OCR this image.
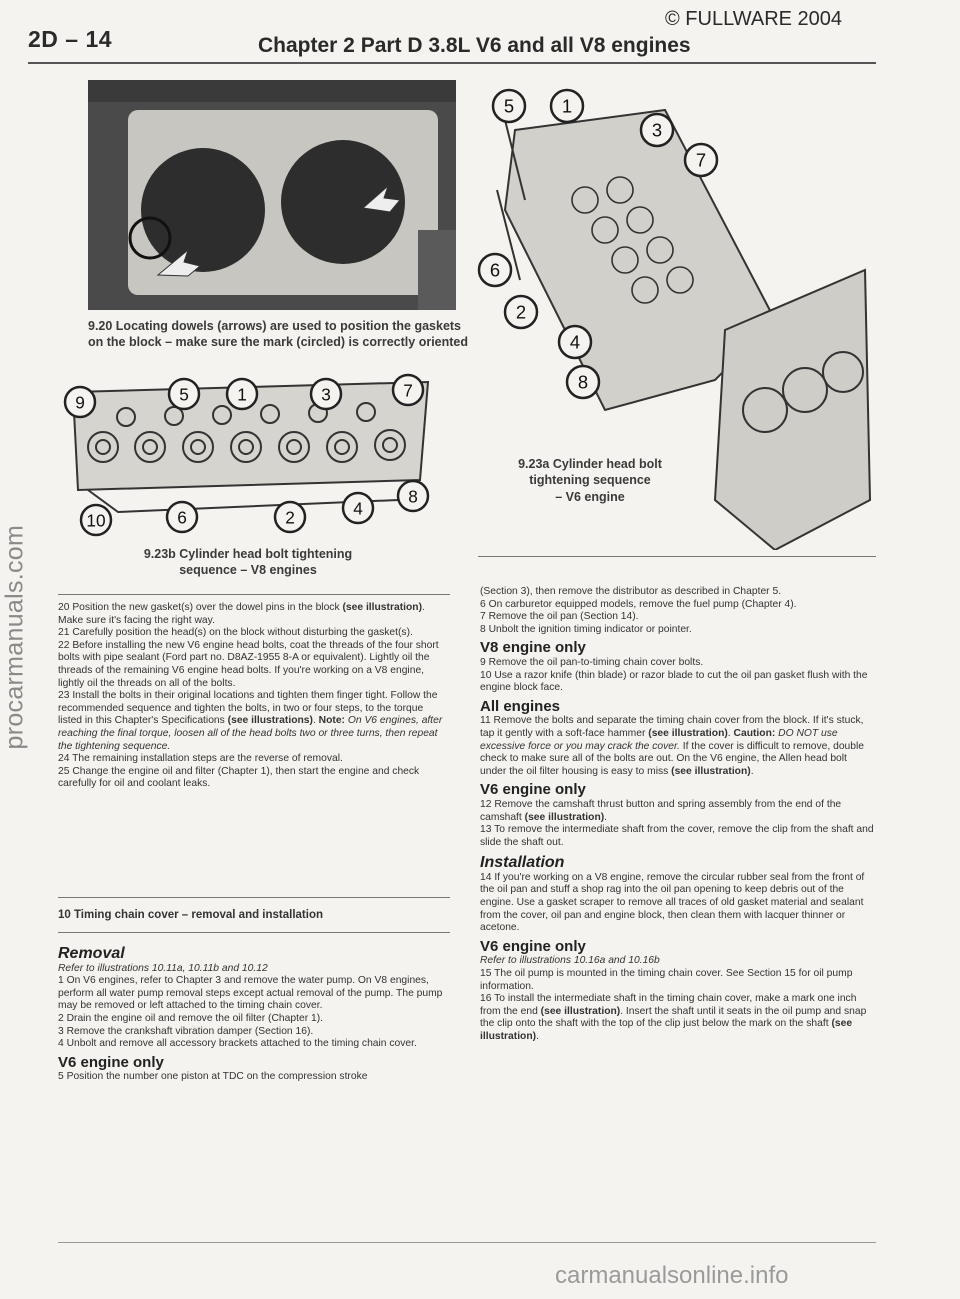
© FULLWARE 2004
2D – 14	Chapter 2 Part D 3.8L V6 and all V8 engines
procarmanuals.com
9.20 Locating dowels (arrows) are used to position the gaskets
on the block – make sure the mark (circled) is correctly oriented
9	5	1	3	7
10	6	2	4
8
9.23b Cylinder head bolt tightening
sequence – V8 engines
5	1
3
7
6
2
4
8
9.23a Cylinder head bolt
tightening sequence
– V6 engine

20 Position the new gasket(s) over the dowel pins in the block (see illustration). Make sure it's facing the right way.

21 Carefully position the head(s) on the block without disturbing the gasket(s).

22 Before installing the new V6 engine head bolts, coat the threads of the four short bolts with pipe sealant (Ford part no. D8AZ-1955 8-A or equivalent). Lightly oil the threads of the remaining V6 engine head bolts. If you're working on a V8 engine, lightly oil the threads on all of the bolts.

23 Install the bolts in their original locations and tighten them finger tight. Follow the recommended sequence and tighten the bolts, in two or four steps, to the torque listed in this Chapter's Specifications (see illustrations). Note: On V6 engines, after reaching the final torque, loosen all of the head bolts two or three turns, then repeat the tightening sequence.

24 The remaining installation steps are the reverse of removal.

25 Change the engine oil and filter (Chapter 1), then start the engine and check carefully for oil and coolant leaks.

10 Timing chain cover – removal and installation
Removal

Refer to illustrations 10.11a, 10.11b and 10.12

1 On V6 engines, refer to Chapter 3 and remove the water pump. On V8 engines, perform all water pump removal steps except actual removal of the pump. The pump may be removed or left attached to the timing chain cover.

2 Drain the engine oil and remove the oil filter (Chapter 1).

3 Remove the crankshaft vibration damper (Section 16).

4 Unbolt and remove all accessory brackets attached to the timing chain cover.

V6 engine only

5 Position the number one piston at TDC on the compression stroke

(Section 3), then remove the distributor as described in Chapter 5.

6 On carburetor equipped models, remove the fuel pump (Chapter 4).

7 Remove the oil pan (Section 14).

8 Unbolt the ignition timing indicator or pointer.

V8 engine only

9 Remove the oil pan-to-timing chain cover bolts.

10 Use a razor knife (thin blade) or razor blade to cut the oil pan gasket flush with the engine block face.

All engines

11 Remove the bolts and separate the timing chain cover from the block. If it's stuck, tap it gently with a soft-face hammer (see illustration). Caution: DO NOT use excessive force or you may crack the cover. If the cover is difficult to remove, double check to make sure all of the bolts are out. On the V6 engine, the Allen head bolt under the oil filter housing is easy to miss (see illustration).

V6 engine only

12 Remove the camshaft thrust button and spring assembly from the end of the camshaft (see illustration).

13 To remove the intermediate shaft from the cover, remove the clip from the shaft and slide the shaft out.

Installation

14 If you're working on a V8 engine, remove the circular rubber seal from the front of the oil pan and stuff a shop rag into the oil pan opening to keep debris out of the engine. Use a gasket scraper to remove all traces of old gasket material and sealant from the cover, oil pan and engine block, then clean them with lacquer thinner or acetone.

V6 engine only

Refer to illustrations 10.16a and 10.16b

15 The oil pump is mounted in the timing chain cover. See Section 15 for oil pump information.

16 To install the intermediate shaft in the timing chain cover, make a mark one inch from the end (see illustration). Insert the shaft until it seats in the oil pump and snap the clip onto the shaft with the top of the clip just below the mark on the shaft (see illustration).

carmanualsonline.info
